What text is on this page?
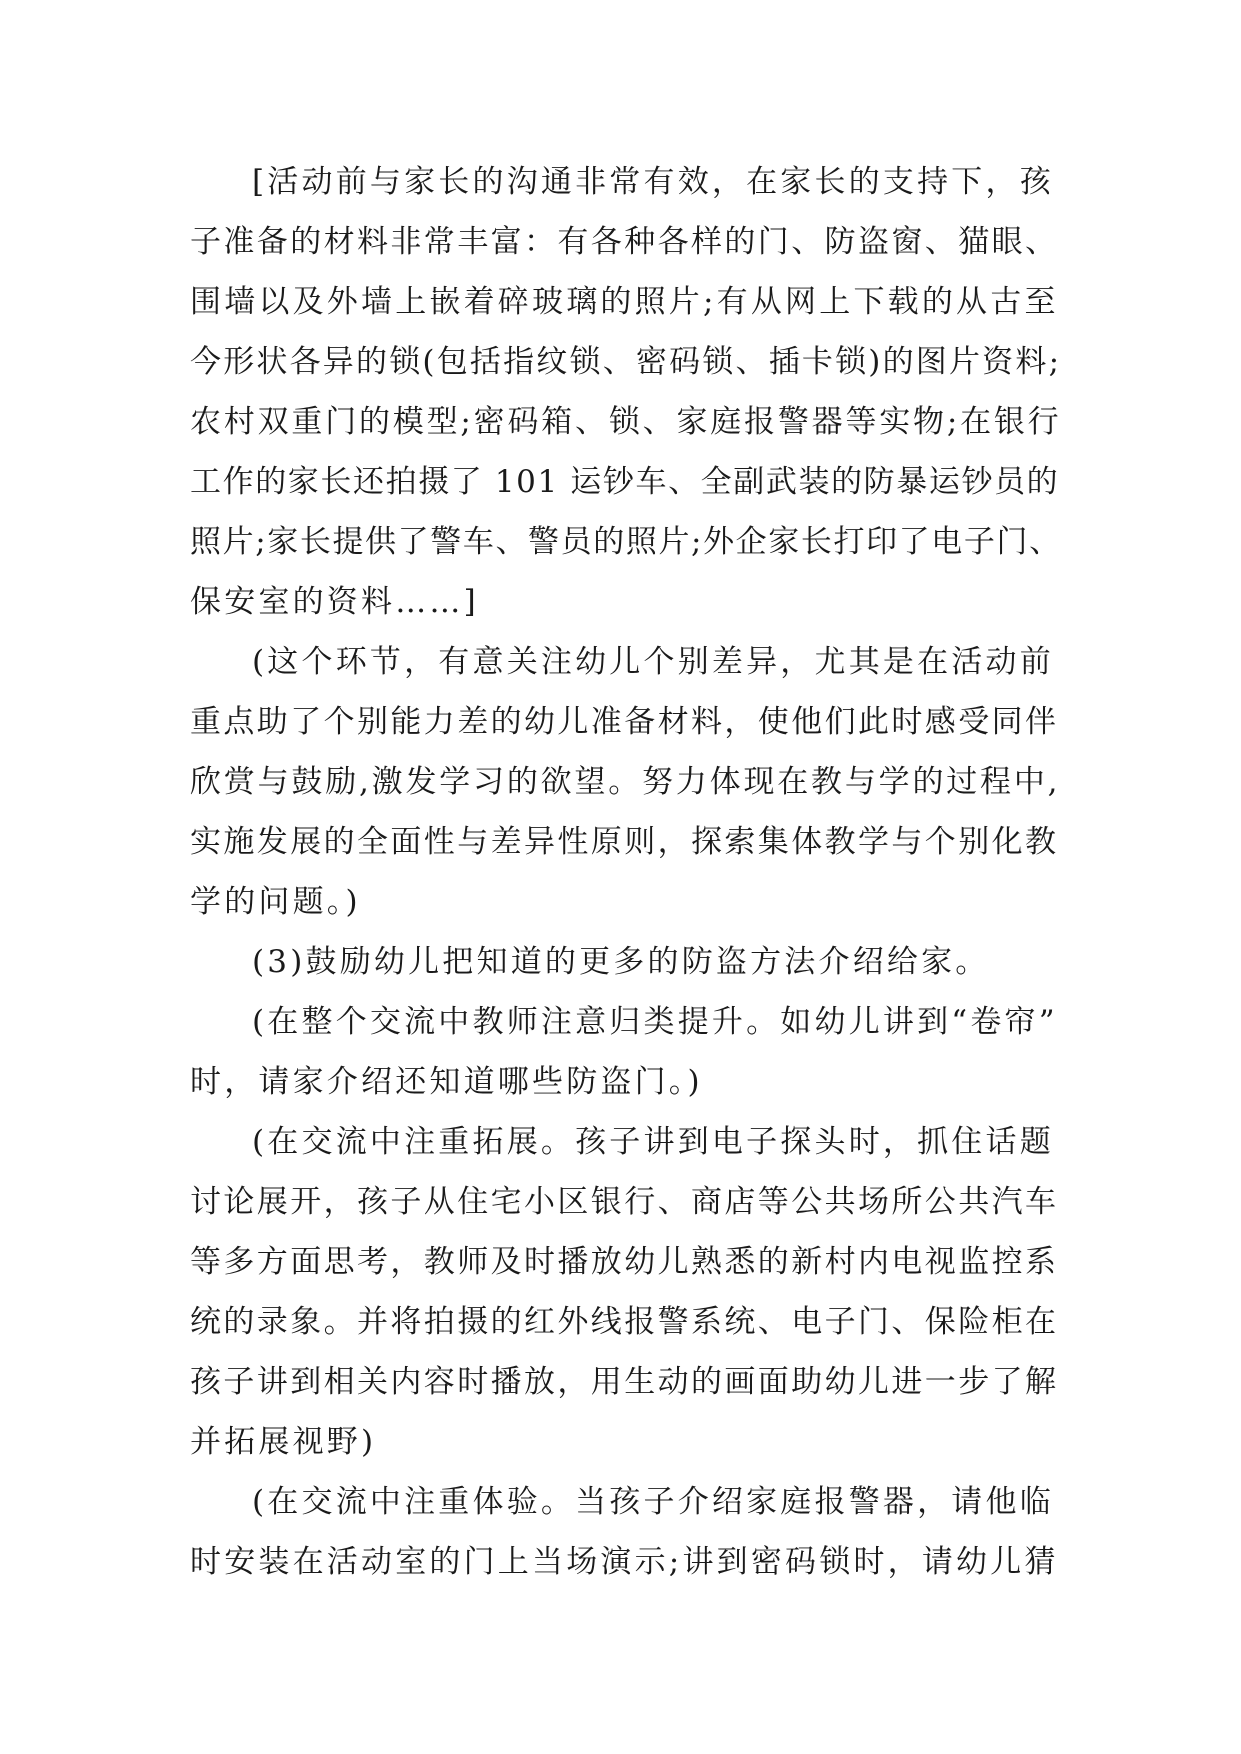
[活动前与家长的沟通非常有效，在家长的支持下，孩
子准备的材料非常丰富：有各种各样的门、防盗窗、猫眼、
围墙以及外墙上嵌着碎玻璃的照片;有从网上下载的从古至
今形状各异的锁(包括指纹锁、密码锁、插卡锁)的图片资料;
农村双重门的模型;密码箱、锁、家庭报警器等实物;在银行
工作的家长还拍摄了 101 运钞车、全副武装的防暴运钞员的
照片;家长提供了警车、警员的照片;外企家长打印了电子门、
保安室的资料……]
(这个环节，有意关注幼儿个别差异，尤其是在活动前
重点助了个别能力差的幼儿准备材料，使他们此时感受同伴
欣赏与鼓励,激发学习的欲望。努力体现在教与学的过程中,
实施发展的全面性与差异性原则，探索集体教学与个别化教
学的问题。)
(3)鼓励幼儿把知道的更多的防盗方法介绍给家。
(在整个交流中教师注意归类提升。如幼儿讲到“卷帘”
时，请家介绍还知道哪些防盗门。)
(在交流中注重拓展。孩子讲到电子探头时，抓住话题
讨论展开，孩子从住宅小区银行、商店等公共场所公共汽车
等多方面思考，教师及时播放幼儿熟悉的新村内电视监控系
统的录象。并将拍摄的红外线报警系统、电子门、保险柜在
孩子讲到相关内容时播放，用生动的画面助幼儿进一步了解
并拓展视野)
(在交流中注重体验。当孩子介绍家庭报警器，请他临
时安装在活动室的门上当场演示;讲到密码锁时，请幼儿猜
